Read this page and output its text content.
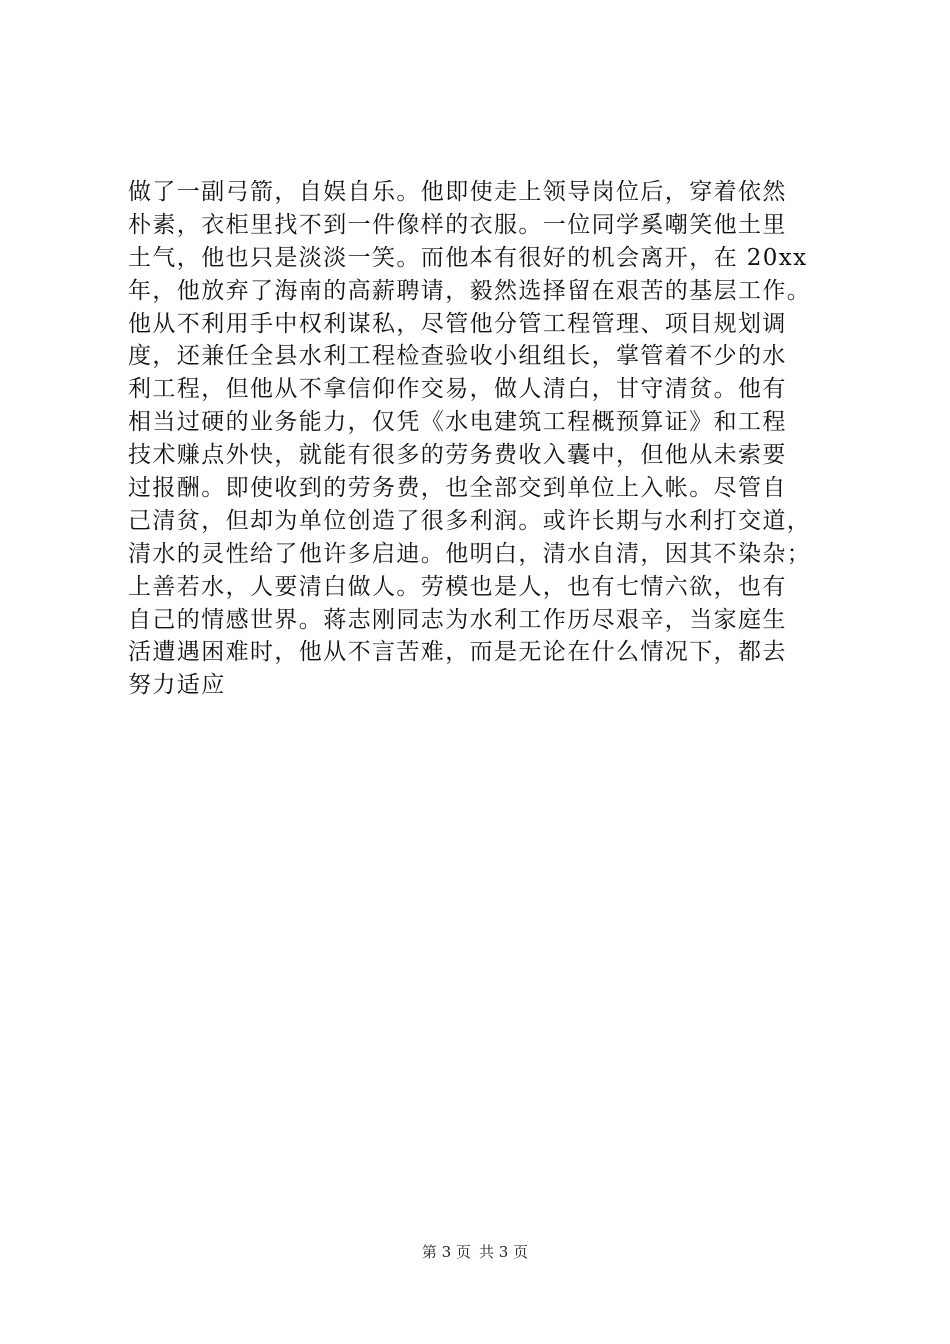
做了一副弓箭，自娱自乐。他即使走上领导岗位后，穿着依然
朴素，衣柜里找不到一件像样的衣服。一位同学奚嘲笑他土里
土气，他也只是淡淡一笑。而他本有很好的机会离开，在 20xx
年，他放弃了海南的高薪聘请，毅然选择留在艰苦的基层工作。
他从不利用手中权利谋私，尽管他分管工程管理、项目规划调
度，还兼任全县水利工程检查验收小组组长，掌管着不少的水
利工程，但他从不拿信仰作交易，做人清白，甘守清贫。他有
相当过硬的业务能力，仅凭《水电建筑工程概预算证》和工程
技术赚点外快，就能有很多的劳务费收入囊中，但他从未索要
过报酬。即使收到的劳务费，也全部交到单位上入帐。尽管自
己清贫，但却为单位创造了很多利润。或许长期与水利打交道，
清水的灵性给了他许多启迪。他明白，清水自清，因其不染杂；
上善若水，人要清白做人。劳模也是人，也有七情六欲，也有
自己的情感世界。蒋志刚同志为水利工作历尽艰辛，当家庭生
活遭遇困难时，他从不言苦难，而是无论在什么情况下，都去
努力适应
第 3 页 共 3 页
